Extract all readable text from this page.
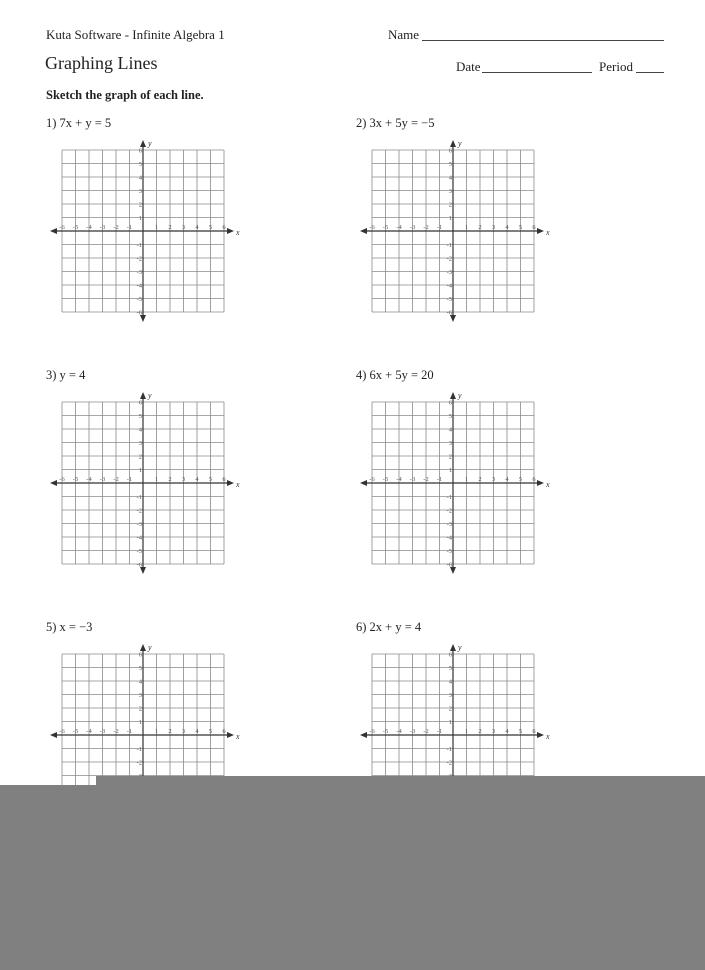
Kuta Software - Infinite Algebra 1	Name
Graphing Lines	Date	Period
Sketch the graph of each line.
1) 7x + y = 5	2) 3x + 5y = −5
3) y = 4	4) 6x + 5y = 20
5) x = −3	6) 2x + y = 4
x
y
-6 -5 -4 -3 -2 -1	1 2 3 4 5 6
6
5
4
3
2
1
-1
-2
-3
-4
-5
-6
x
y
-6 -5 -4 -3 -2 -1	1 2 3 4 5 6
6
5
4
3
2
1
-1
-2
-3
-4
-5
-6
x
y
-6 -5 -4 -3 -2 -1	1 2 3 4 5 6
6
5
4
3
2
1
-1
-2
-3
-4
-5
-6
x
y
-6 -5 -4 -3 -2 -1	1 2 3 4 5 6
6
5
4
3
2
1
-1
-2
-3
-4
-5
-6
x
y
-6 -5 -4 -3 -2 -1	1 2 3 4 5 6
6
5
4
3
2
1
-1
-2
x
y
-6 -5 -4 -3 -2 -1	1 2 3 4 5 6
6
5
4
3
2
1
-1
-2
